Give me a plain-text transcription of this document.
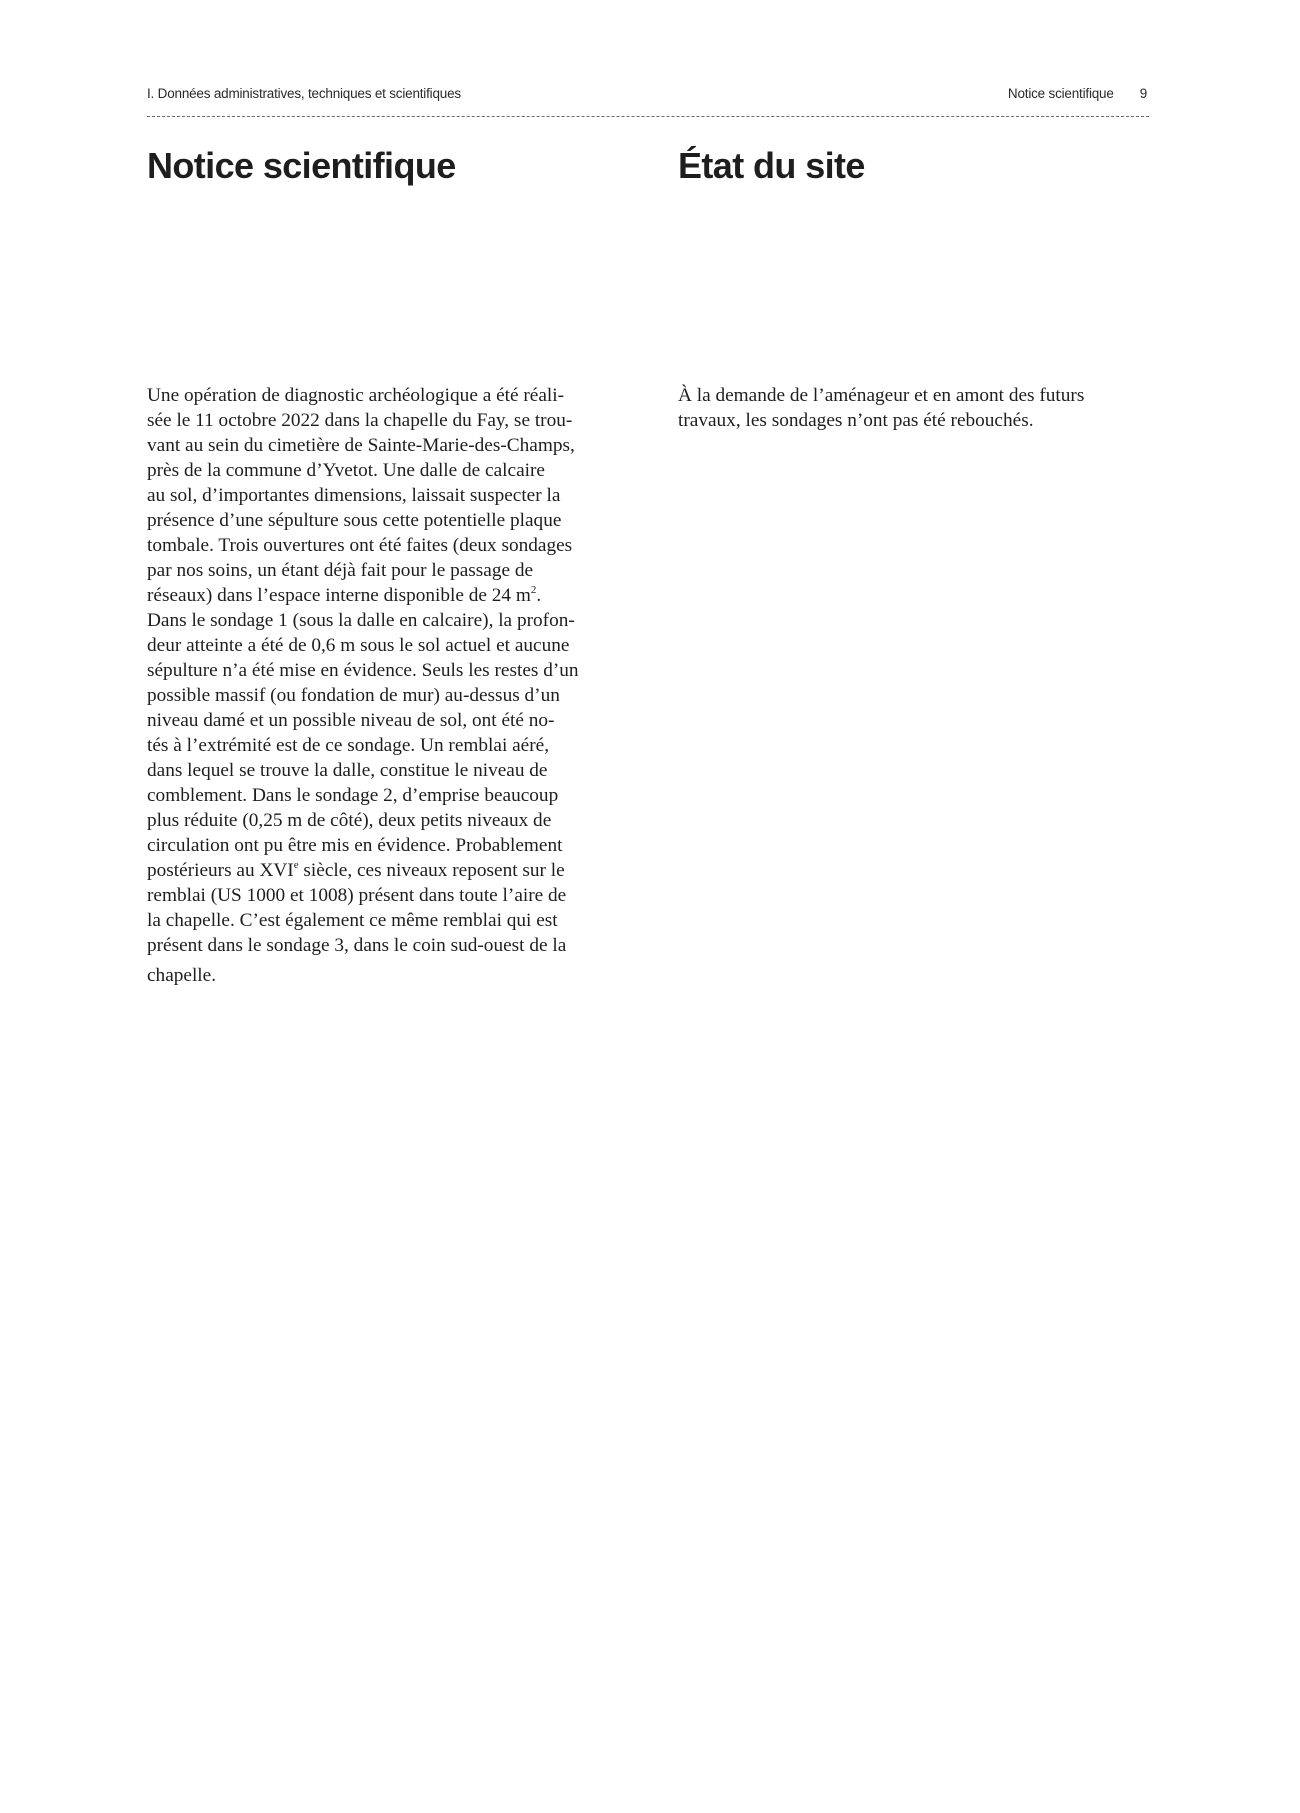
I. Données administratives, techniques et scientifiques	Notice scientifique 9
Notice scientifique	État du site

Une opération de diagnostic archéologique a été réali-
sée le 11 octobre 2022 dans la chapelle du Fay, se trou-
vant au sein du cimetière de Sainte-Marie-des-Champs,
près de la commune d’Yvetot. Une dalle de calcaire
au sol, d’importantes dimensions, laissait suspecter la
présence d’une sépulture sous cette potentielle plaque
tombale. Trois ouvertures ont été faites (deux sondages
par nos soins, un étant déjà fait pour le passage de
réseaux) dans l’espace interne disponible de 24 $m^2$.
Dans le sondage 1 (sous la dalle en calcaire), la profon-
deur atteinte a été de 0,6 m sous le sol actuel et aucune
sépulture n’a été mise en évidence. Seuls les restes d’un
possible massif (ou fondation de mur) au-dessus d’un
niveau damé et un possible niveau de sol, ont été no-
tés à l’extrémité est de ce sondage. Un remblai aéré,
dans lequel se trouve la dalle, constitue le niveau de
comblement. Dans le sondage 2, d’emprise beaucoup
plus réduite (0,25 m de côté), deux petits niveaux de
circulation ont pu être mis en évidence. Probablement
postérieurs au XVIe siècle, ces niveaux reposent sur le
remblai (US 1000 et 1008) présent dans toute l’aire de
la chapelle. C’est également ce même remblai qui est
présent dans le sondage 3, dans le coin sud-ouest de la
chapelle.

À la demande de l’aménageur et en amont des futurs
travaux, les sondages n’ont pas été rebouchés.
